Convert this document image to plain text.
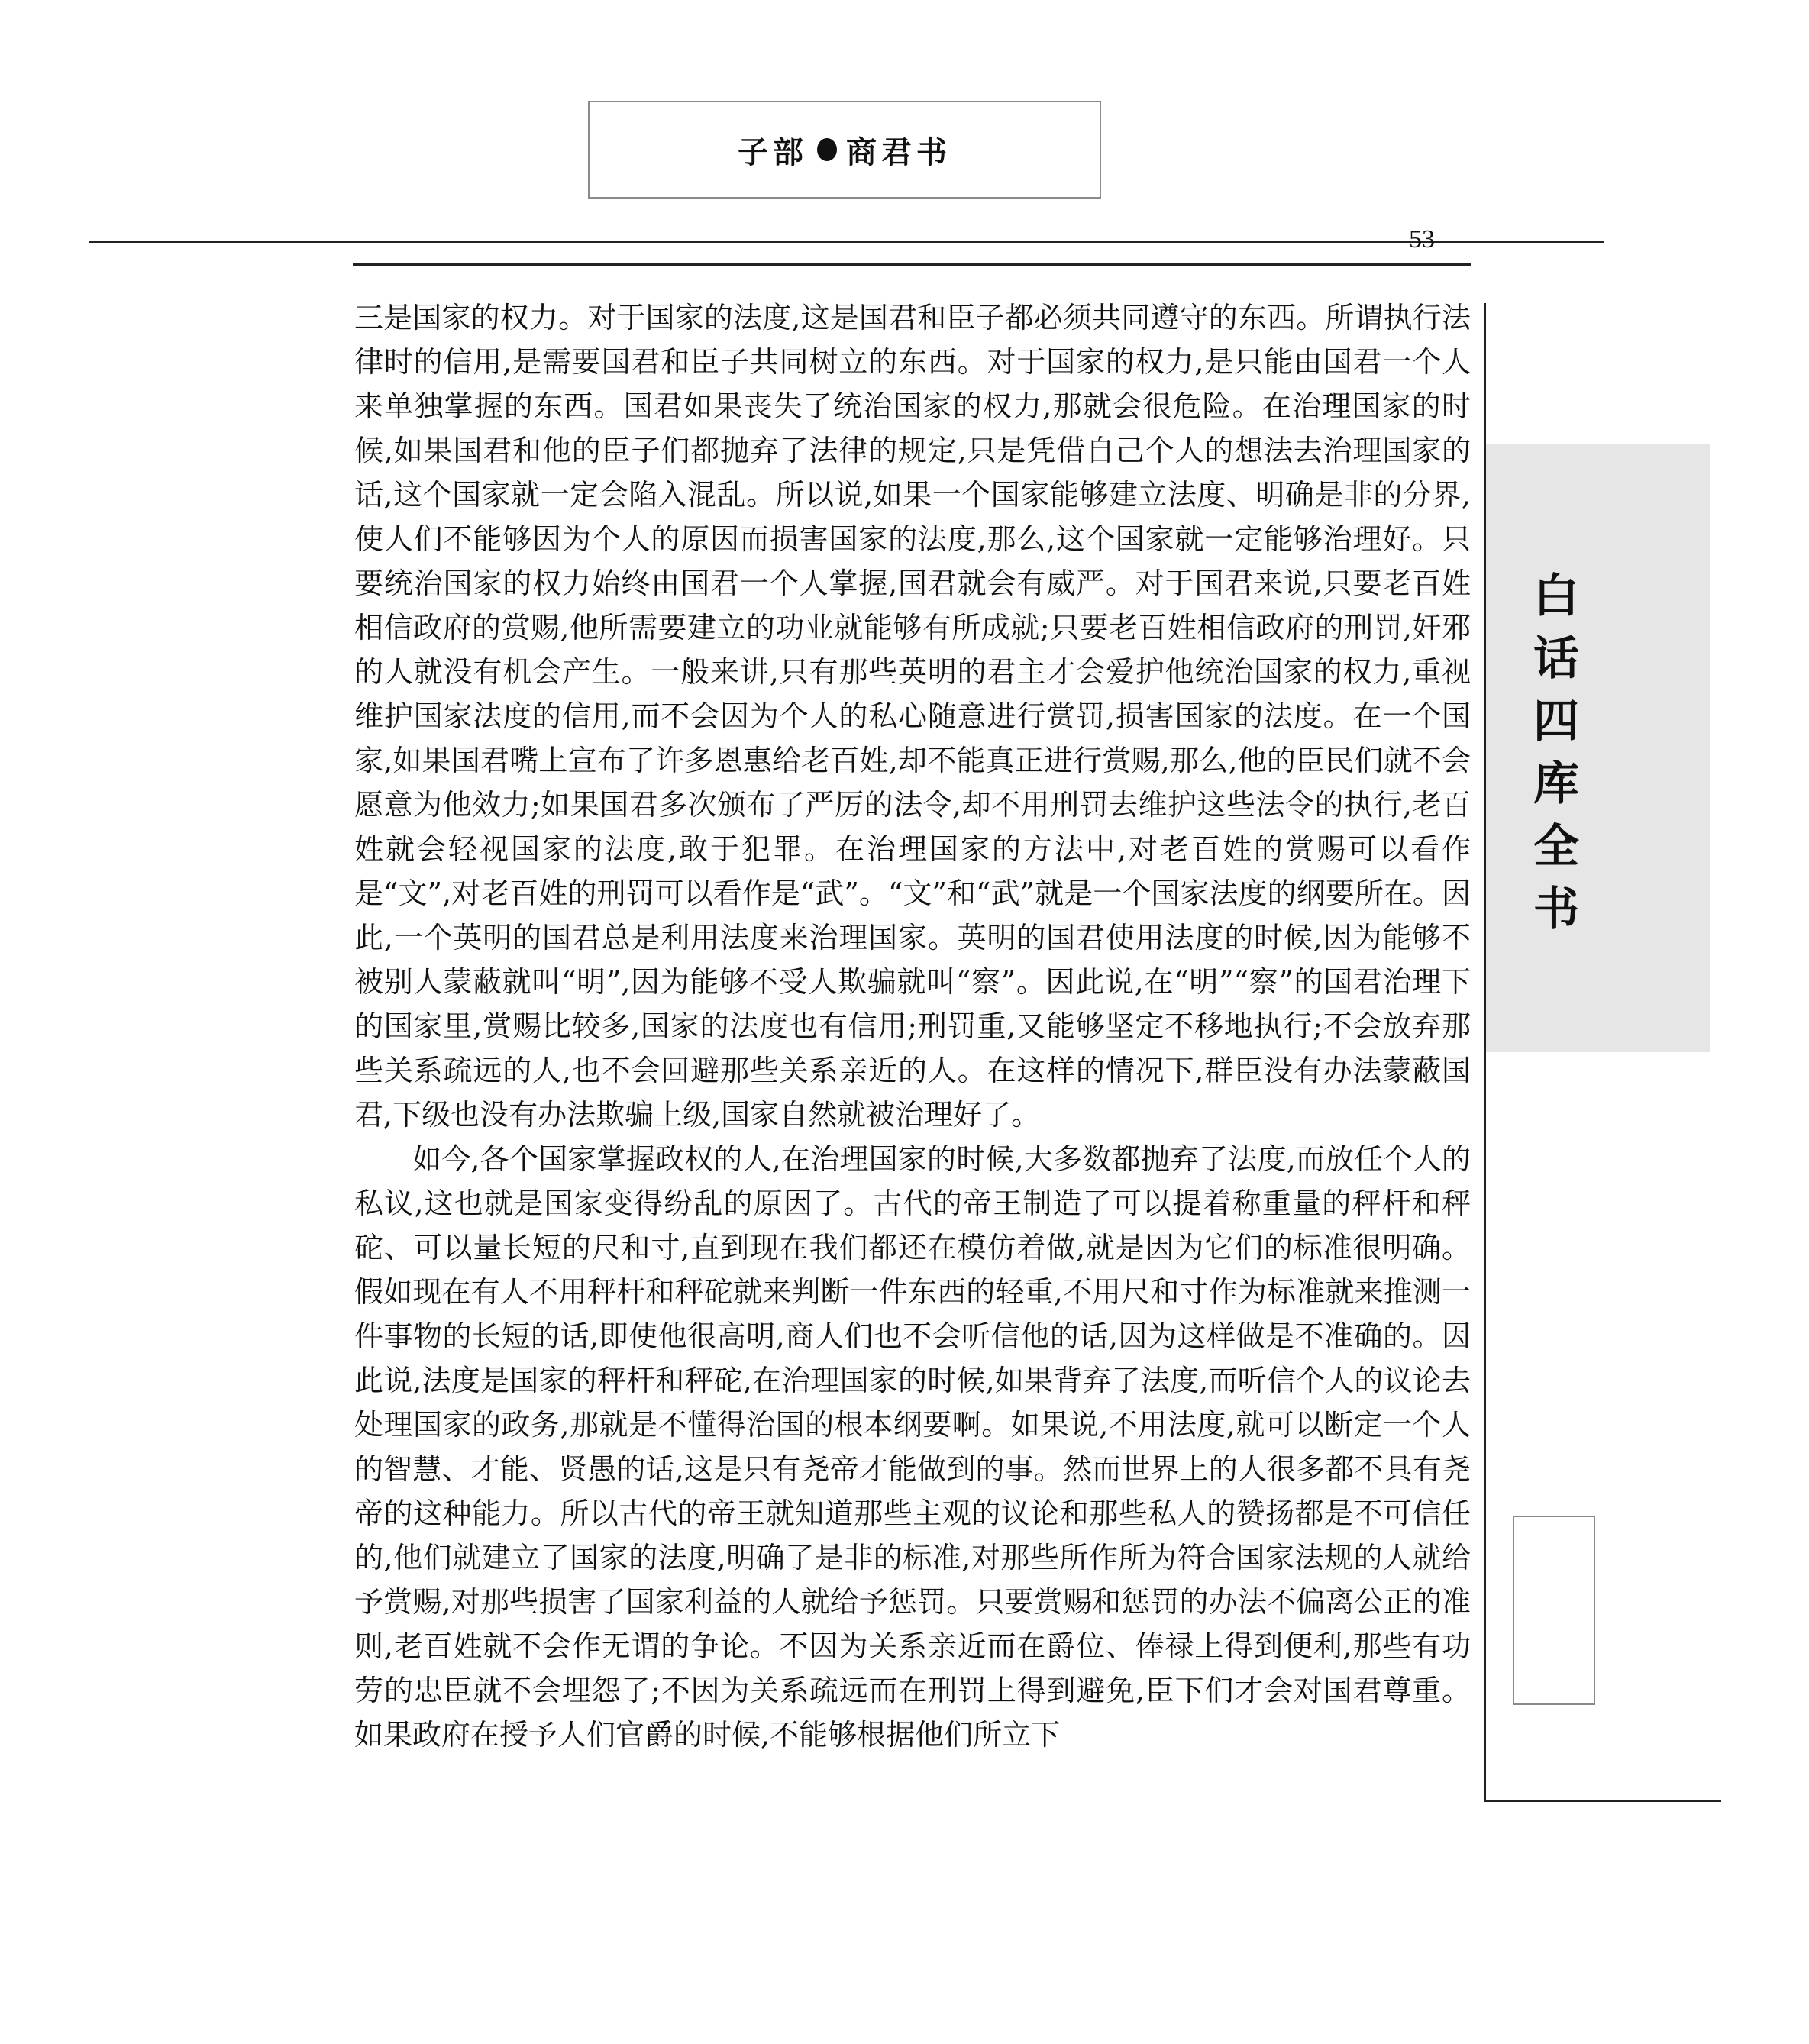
子部 商君书
53
白
话
四
库
全
书

三是国家的权力。对于国家的法度,这是国君和臣子都必须共同遵守的东西。所谓执行法律时的信用,是需要国君和臣子共同树立的东西。对于国家的权力,是只能由国君一个人来单独掌握的东西。国君如果丧失了统治国家的权力,那就会很危险。在治理国家的时候,如果国君和他的臣子们都抛弃了法律的规定,只是凭借自己个人的想法去治理国家的话,这个国家就一定会陷入混乱。所以说,如果一个国家能够建立法度、明确是非的分界,使人们不能够因为个人的原因而损害国家的法度,那么,这个国家就一定能够治理好。只要统治国家的权力始终由国君一个人掌握,国君就会有威严。对于国君来说,只要老百姓相信政府的赏赐,他所需要建立的功业就能够有所成就;只要老百姓相信政府的刑罚,奸邪的人就没有机会产生。一般来讲,只有那些英明的君主才会爱护他统治国家的权力,重视维护国家法度的信用,而不会因为个人的私心随意进行赏罚,损害国家的法度。在一个国家,如果国君嘴上宣布了许多恩惠给老百姓,却不能真正进行赏赐,那么,他的臣民们就不会愿意为他效力;如果国君多次颁布了严厉的法令,却不用刑罚去维护这些法令的执行,老百姓就会轻视国家的法度,敢于犯罪。在治理国家的方法中,对老百姓的赏赐可以看作是“文”,对老百姓的刑罚可以看作是“武”。“文”和“武”就是一个国家法度的纲要所在。因此,一个英明的国君总是利用法度来治理国家。英明的国君使用法度的时候,因为能够不被别人蒙蔽就叫“明”,因为能够不受人欺骗就叫“察”。因此说,在“明”“察”的国君治理下的国家里,赏赐比较多,国家的法度也有信用;刑罚重,又能够坚定不移地执行;不会放弃那些关系疏远的人,也不会回避那些关系亲近的人。在这样的情况下,群臣没有办法蒙蔽国君,下级也没有办法欺骗上级,国家自然就被治理好了。

如今,各个国家掌握政权的人,在治理国家的时候,大多数都抛弃了法度,而放任个人的私议,这也就是国家变得纷乱的原因了。古代的帝王制造了可以提着称重量的秤杆和秤砣、可以量长短的尺和寸,直到现在我们都还在模仿着做,就是因为它们的标准很明确。假如现在有人不用秤杆和秤砣就来判断一件东西的轻重,不用尺和寸作为标准就来推测一件事物的长短的话,即使他很高明,商人们也不会听信他的话,因为这样做是不准确的。因此说,法度是国家的秤杆和秤砣,在治理国家的时候,如果背弃了法度,而听信个人的议论去处理国家的政务,那就是不懂得治国的根本纲要啊。如果说,不用法度,就可以断定一个人的智慧、才能、贤愚的话,这是只有尧帝才能做到的事。然而世界上的人很多都不具有尧帝的这种能力。所以古代的帝王就知道那些主观的议论和那些私人的赞扬都是不可信任的,他们就建立了国家的法度,明确了是非的标准,对那些所作所为符合国家法规的人就给予赏赐,对那些损害了国家利益的人就给予惩罚。只要赏赐和惩罚的办法不偏离公正的准则,老百姓就不会作无谓的争论。不因为关系亲近而在爵位、俸禄上得到便利,那些有功劳的忠臣就不会埋怨了;不因为关系疏远而在刑罚上得到避免,臣下们才会对国君尊重。如果政府在授予人们官爵的时候,不能够根据他们所立下
